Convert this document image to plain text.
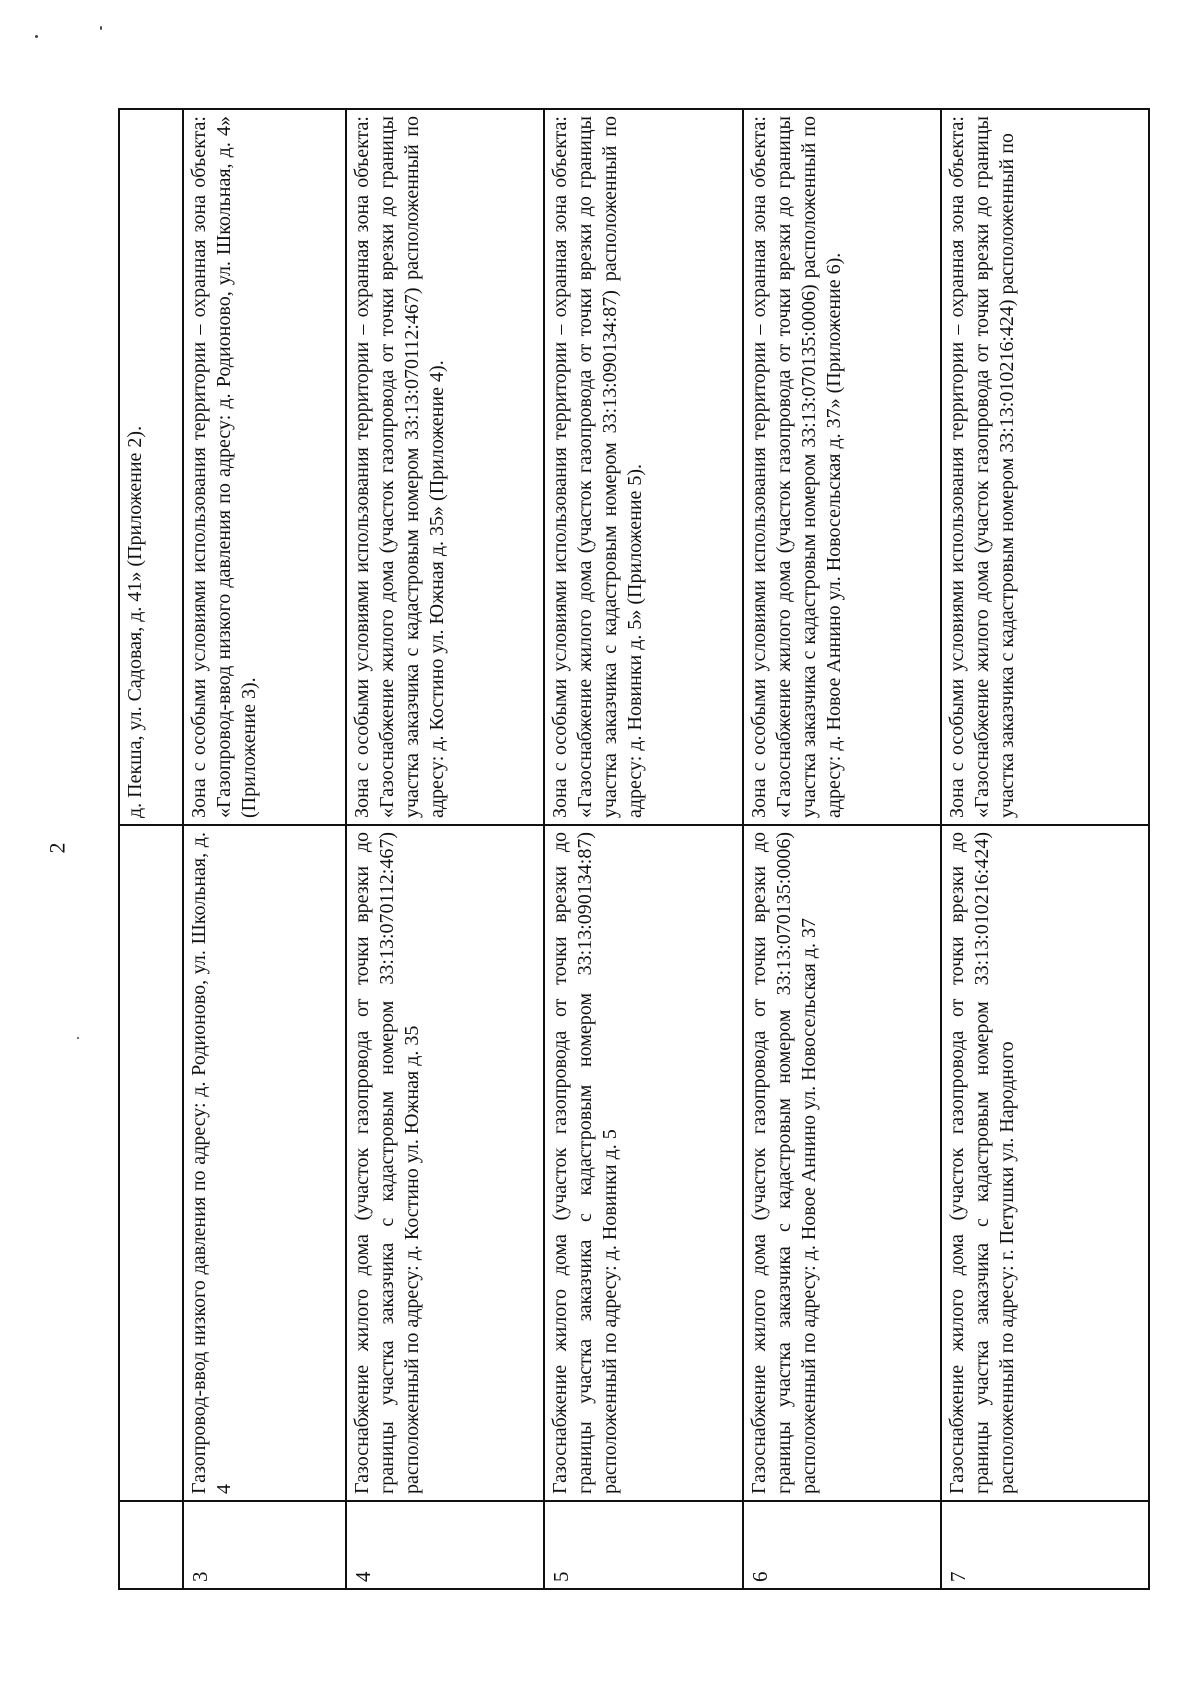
2
		д. Пекша, ул. Садовая, д. 41» (Приложение 2).
3	Газопровод-ввод низкого давления по адресу: д. Родионово, ул. Школьная, д. 4	Зона с особыми условиями использования территории – охранная зона объекта: «Газопровод-ввод низкого давления по адресу: д. Родионово, ул. Школьная, д. 4» (Приложение 3).
4	Газоснабжение жилого дома (участок газопровода от точки врезки до границы участка заказчика с кадастровым номером 33:13:070112:467) расположенный по адресу: д. Костино ул. Южная д. 35	Зона с особыми условиями использования территории – охранная зона объекта: «Газоснабжение жилого дома (участок газопровода от точки врезки до границы участка заказчика с кадастровым номером 33:13:070112:467) расположенный по адресу: д. Костино ул. Южная д. 35» (Приложение 4).
5	Газоснабжение жилого дома (участок газопровода от точки врезки до границы участка заказчика с кадастровым номером 33:13:090134:87) расположенный по адресу: д. Новинки д. 5	Зона с особыми условиями использования территории – охранная зона объекта: «Газоснабжение жилого дома (участок газопровода от точки врезки до границы участка заказчика с кадастровым номером 33:13:090134:87) расположенный по адресу: д. Новинки д. 5» (Приложение 5).
6	Газоснабжение жилого дома (участок газопровода от точки врезки до границы участка заказчика с кадастровым номером 33:13:070135:0006) расположенный по адресу: д. Новое Аннино ул. Новосельская д. 37	Зона с особыми условиями использования территории – охранная зона объекта: «Газоснабжение жилого дома (участок газопровода от точки врезки до границы участка заказчика с кадастровым номером 33:13:070135:0006) расположенный по адресу: д. Новое Аннино ул. Новосельская д. 37» (Приложение 6).
7	Газоснабжение жилого дома (участок газопровода от точки врезки до границы участка заказчика с кадастровым номером 33:13:010216:424) расположенный по адресу: г. Петушки ул. Народного	Зона с особыми условиями использования территории – охранная зона объекта: «Газоснабжение жилого дома (участок газопровода от точки врезки до границы участка заказчика с кадастровым номером 33:13:010216:424) расположенный по
